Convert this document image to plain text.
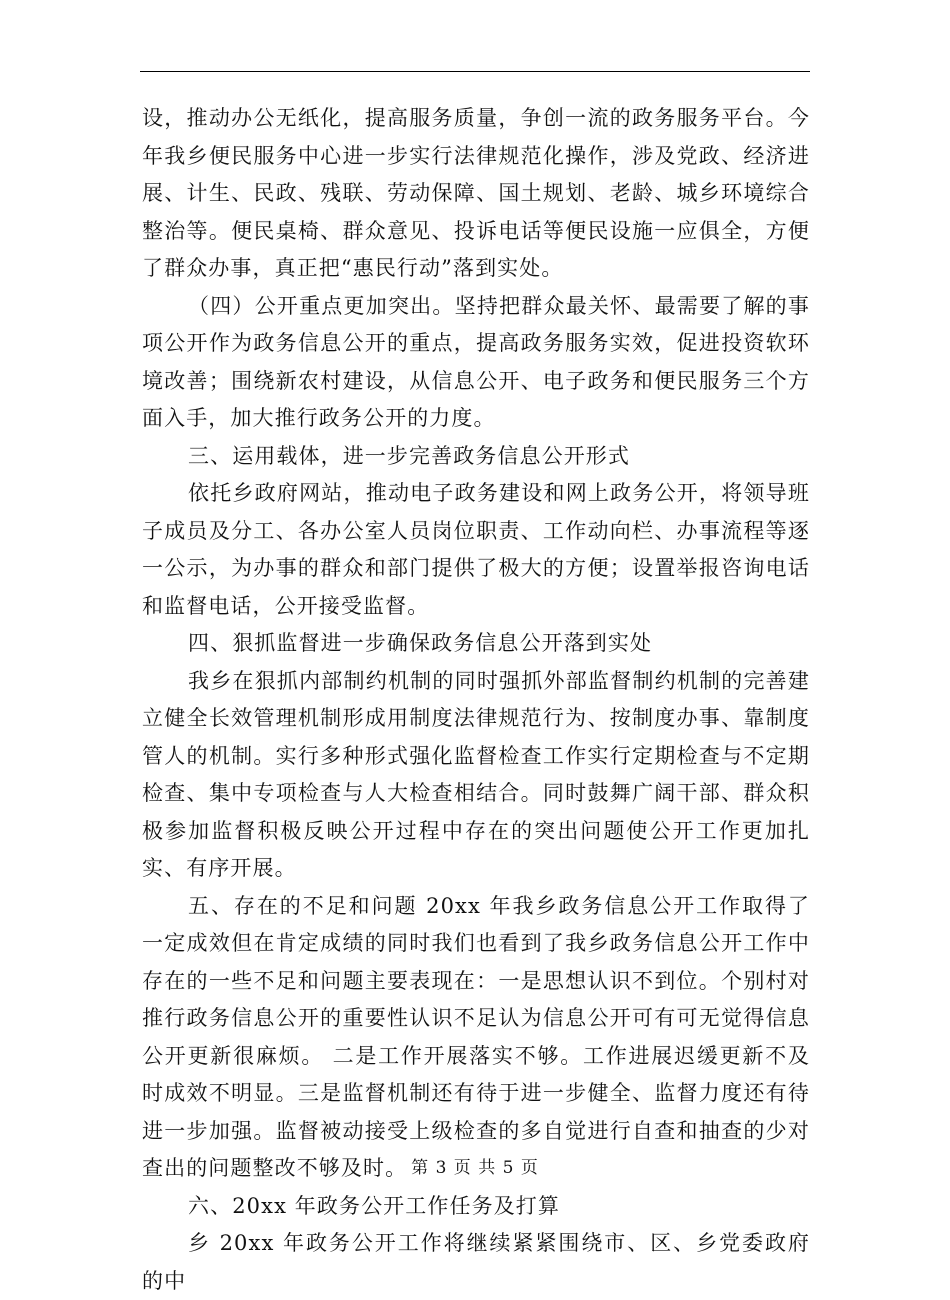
设，推动办公无纸化，提高服务质量，争创一流的政务服务平台。今年我乡便民服务中心进一步实行法律规范化操作，涉及党政、经济进展、计生、民政、残联、劳动保障、国土规划、老龄、城乡环境综合整治等。便民桌椅、群众意见、投诉电话等便民设施一应俱全，方便了群众办事，真正把“惠民行动”落到实处。

（四）公开重点更加突出。坚持把群众最关怀、最需要了解的事项公开作为政务信息公开的重点，提高政务服务实效，促进投资软环境改善；围绕新农村建设，从信息公开、电子政务和便民服务三个方面入手，加大推行政务公开的力度。

三、运用载体，进一步完善政务信息公开形式

依托乡政府网站，推动电子政务建设和网上政务公开，将领导班子成员及分工、各办公室人员岗位职责、工作动向栏、办事流程等逐一公示，为办事的群众和部门提供了极大的方便；设置举报咨询电话和监督电话，公开接受监督。

四、狠抓监督进一步确保政务信息公开落到实处

我乡在狠抓内部制约机制的同时强抓外部监督制约机制的完善建立健全长效管理机制形成用制度法律规范行为、按制度办事、靠制度管人的机制。实行多种形式强化监督检查工作实行定期检查与不定期检查、集中专项检查与人大检查相结合。同时鼓舞广阔干部、群众积极参加监督积极反映公开过程中存在的突出问题使公开工作更加扎实、有序开展。

五、存在的不足和问题 20xx 年我乡政务信息公开工作取得了一定成效但在肯定成绩的同时我们也看到了我乡政务信息公开工作中存在的一些不足和问题主要表现在：一是思想认识不到位。个别村对推行政务信息公开的重要性认识不足认为信息公开可有可无觉得信息公开更新很麻烦。 二是工作开展落实不够。工作进展迟缓更新不及时成效不明显。三是监督机制还有待于进一步健全、监督力度还有待进一步加强。监督被动接受上级检查的多自觉进行自查和抽查的少对查出的问题整改不够及时。

六、20xx 年政务公开工作任务及打算

乡 20xx 年政务公开工作将继续紧紧围绕市、区、乡党委政府的中

第 3 页 共 5 页
